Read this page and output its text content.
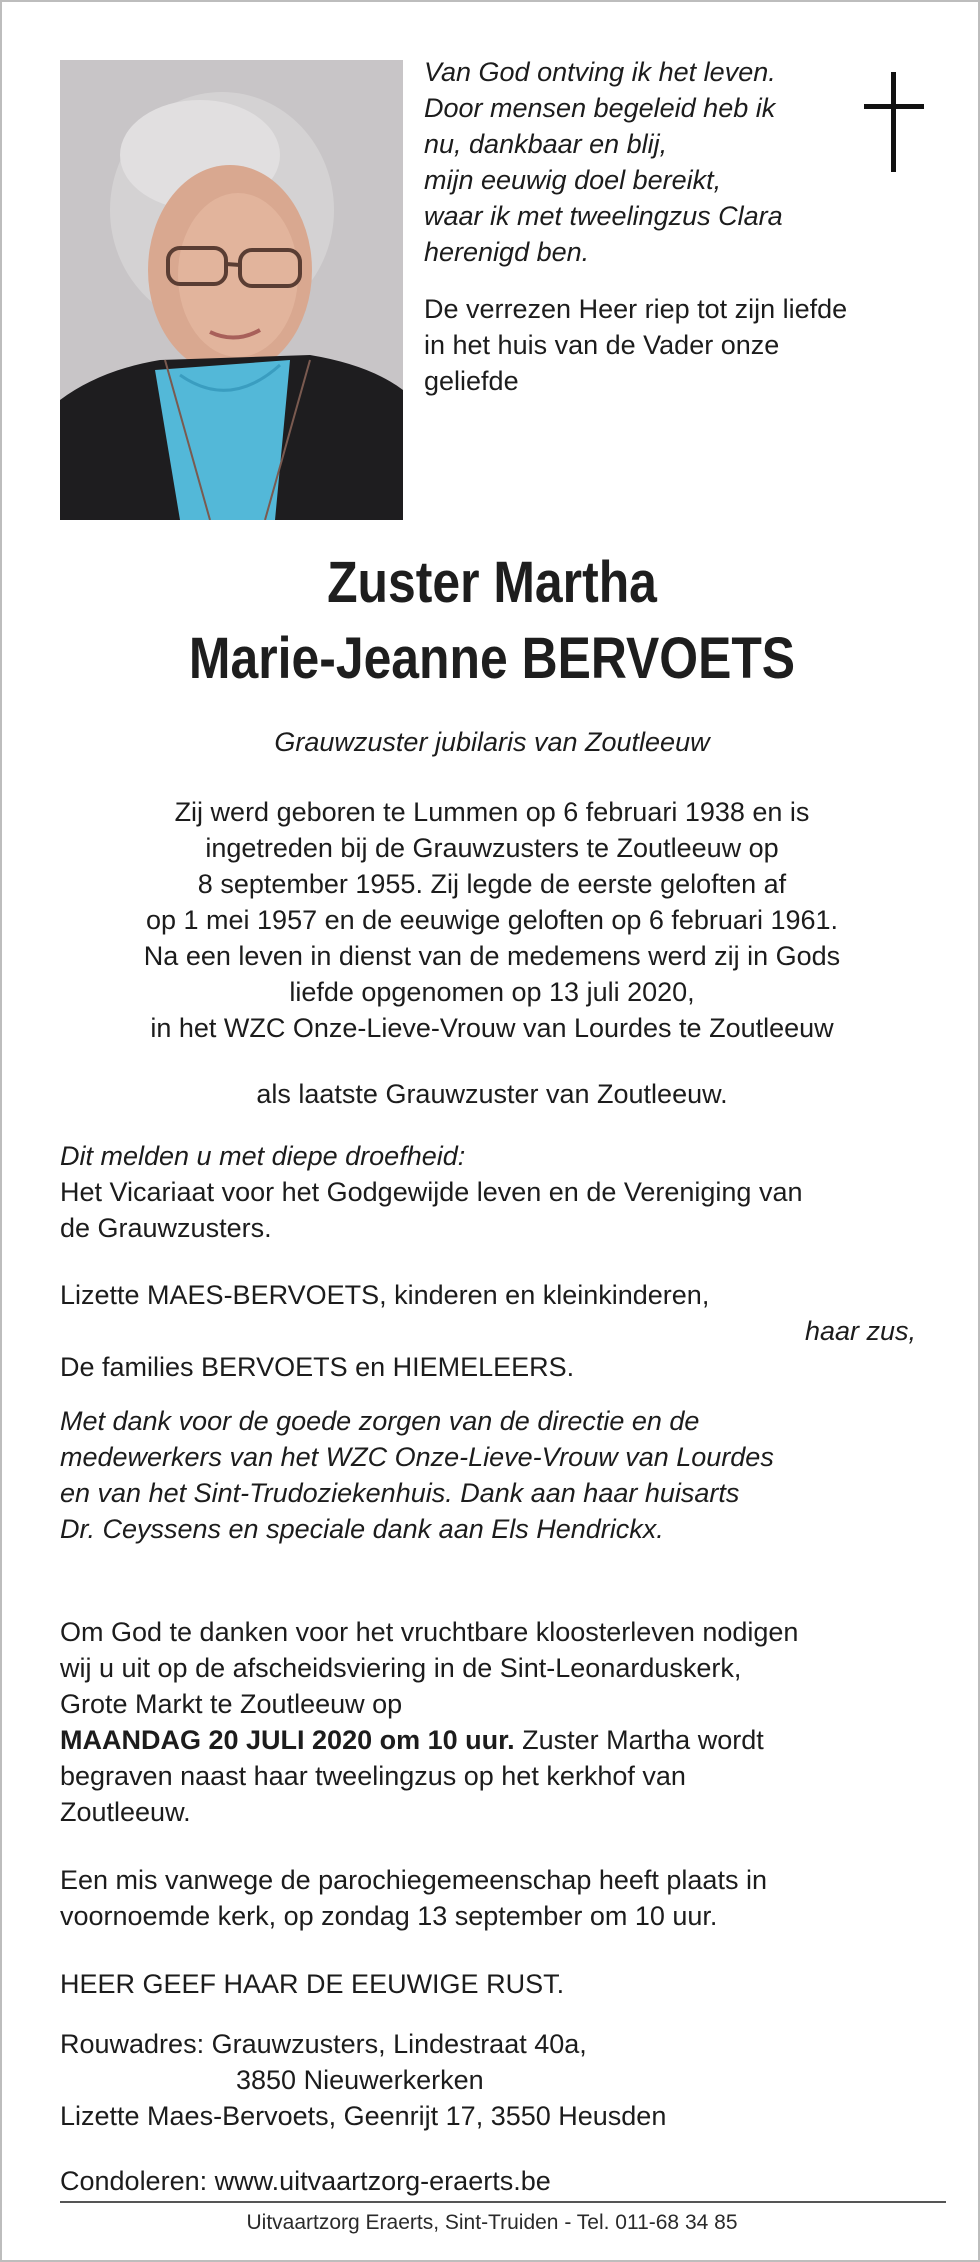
Van God ontving ik het leven.
Door mensen begeleid heb ik
nu, dankbaar en blij,
mijn eeuwig doel bereikt,
waar ik met tweelingzus Clara
herenigd ben.
De verrezen Heer riep tot zijn liefde
in het huis van de Vader onze
geliefde
Zuster Martha
Marie-Jeanne BERVOETS
Grauwzuster jubilaris van Zoutleeuw
Zij werd geboren te Lummen op 6 februari 1938 en is
ingetreden bij de Grauwzusters te Zoutleeuw op
8 september 1955. Zij legde de eerste geloften af
op 1 mei 1957 en de eeuwige geloften op 6 februari 1961.
Na een leven in dienst van de medemens werd zij in Gods
liefde opgenomen op 13 juli 2020,
in het WZC Onze-Lieve-Vrouw van Lourdes te Zoutleeuw
als laatste Grauwzuster van Zoutleeuw.
Dit melden u met diepe droefheid:
Het Vicariaat voor het Godgewijde leven en de Vereniging van
de Grauwzusters.
Lizette MAES-BERVOETS, kinderen en kleinkinderen,
haar zus,
De families BERVOETS en HIEMELEERS.
Met dank voor de goede zorgen van de directie en de
medewerkers van het WZC Onze-Lieve-Vrouw van Lourdes
en van het Sint-Trudoziekenhuis. Dank aan haar huisarts
Dr. Ceyssens en speciale dank aan Els Hendrickx.
Om God te danken voor het vruchtbare kloosterleven nodigen
wij u uit op de afscheidsviering in de Sint-Leonarduskerk,
Grote Markt te Zoutleeuw op
MAANDAG 20 JULI 2020 om 10 uur. Zuster Martha wordt
begraven naast haar tweelingzus op het kerkhof van
Zoutleeuw.
Een mis vanwege de parochiegemeenschap heeft plaats in
voornoemde kerk, op zondag 13 september om 10 uur.
HEER GEEF HAAR DE EEUWIGE RUST.
Rouwadres: Grauwzusters, Lindestraat 40a,
3850 Nieuwerkerken
Lizette Maes-Bervoets, Geenrijt 17, 3550 Heusden
Condoleren: www.uitvaartzorg-eraerts.be
Uitvaartzorg Eraerts, Sint-Truiden - Tel. 011-68 34 85
